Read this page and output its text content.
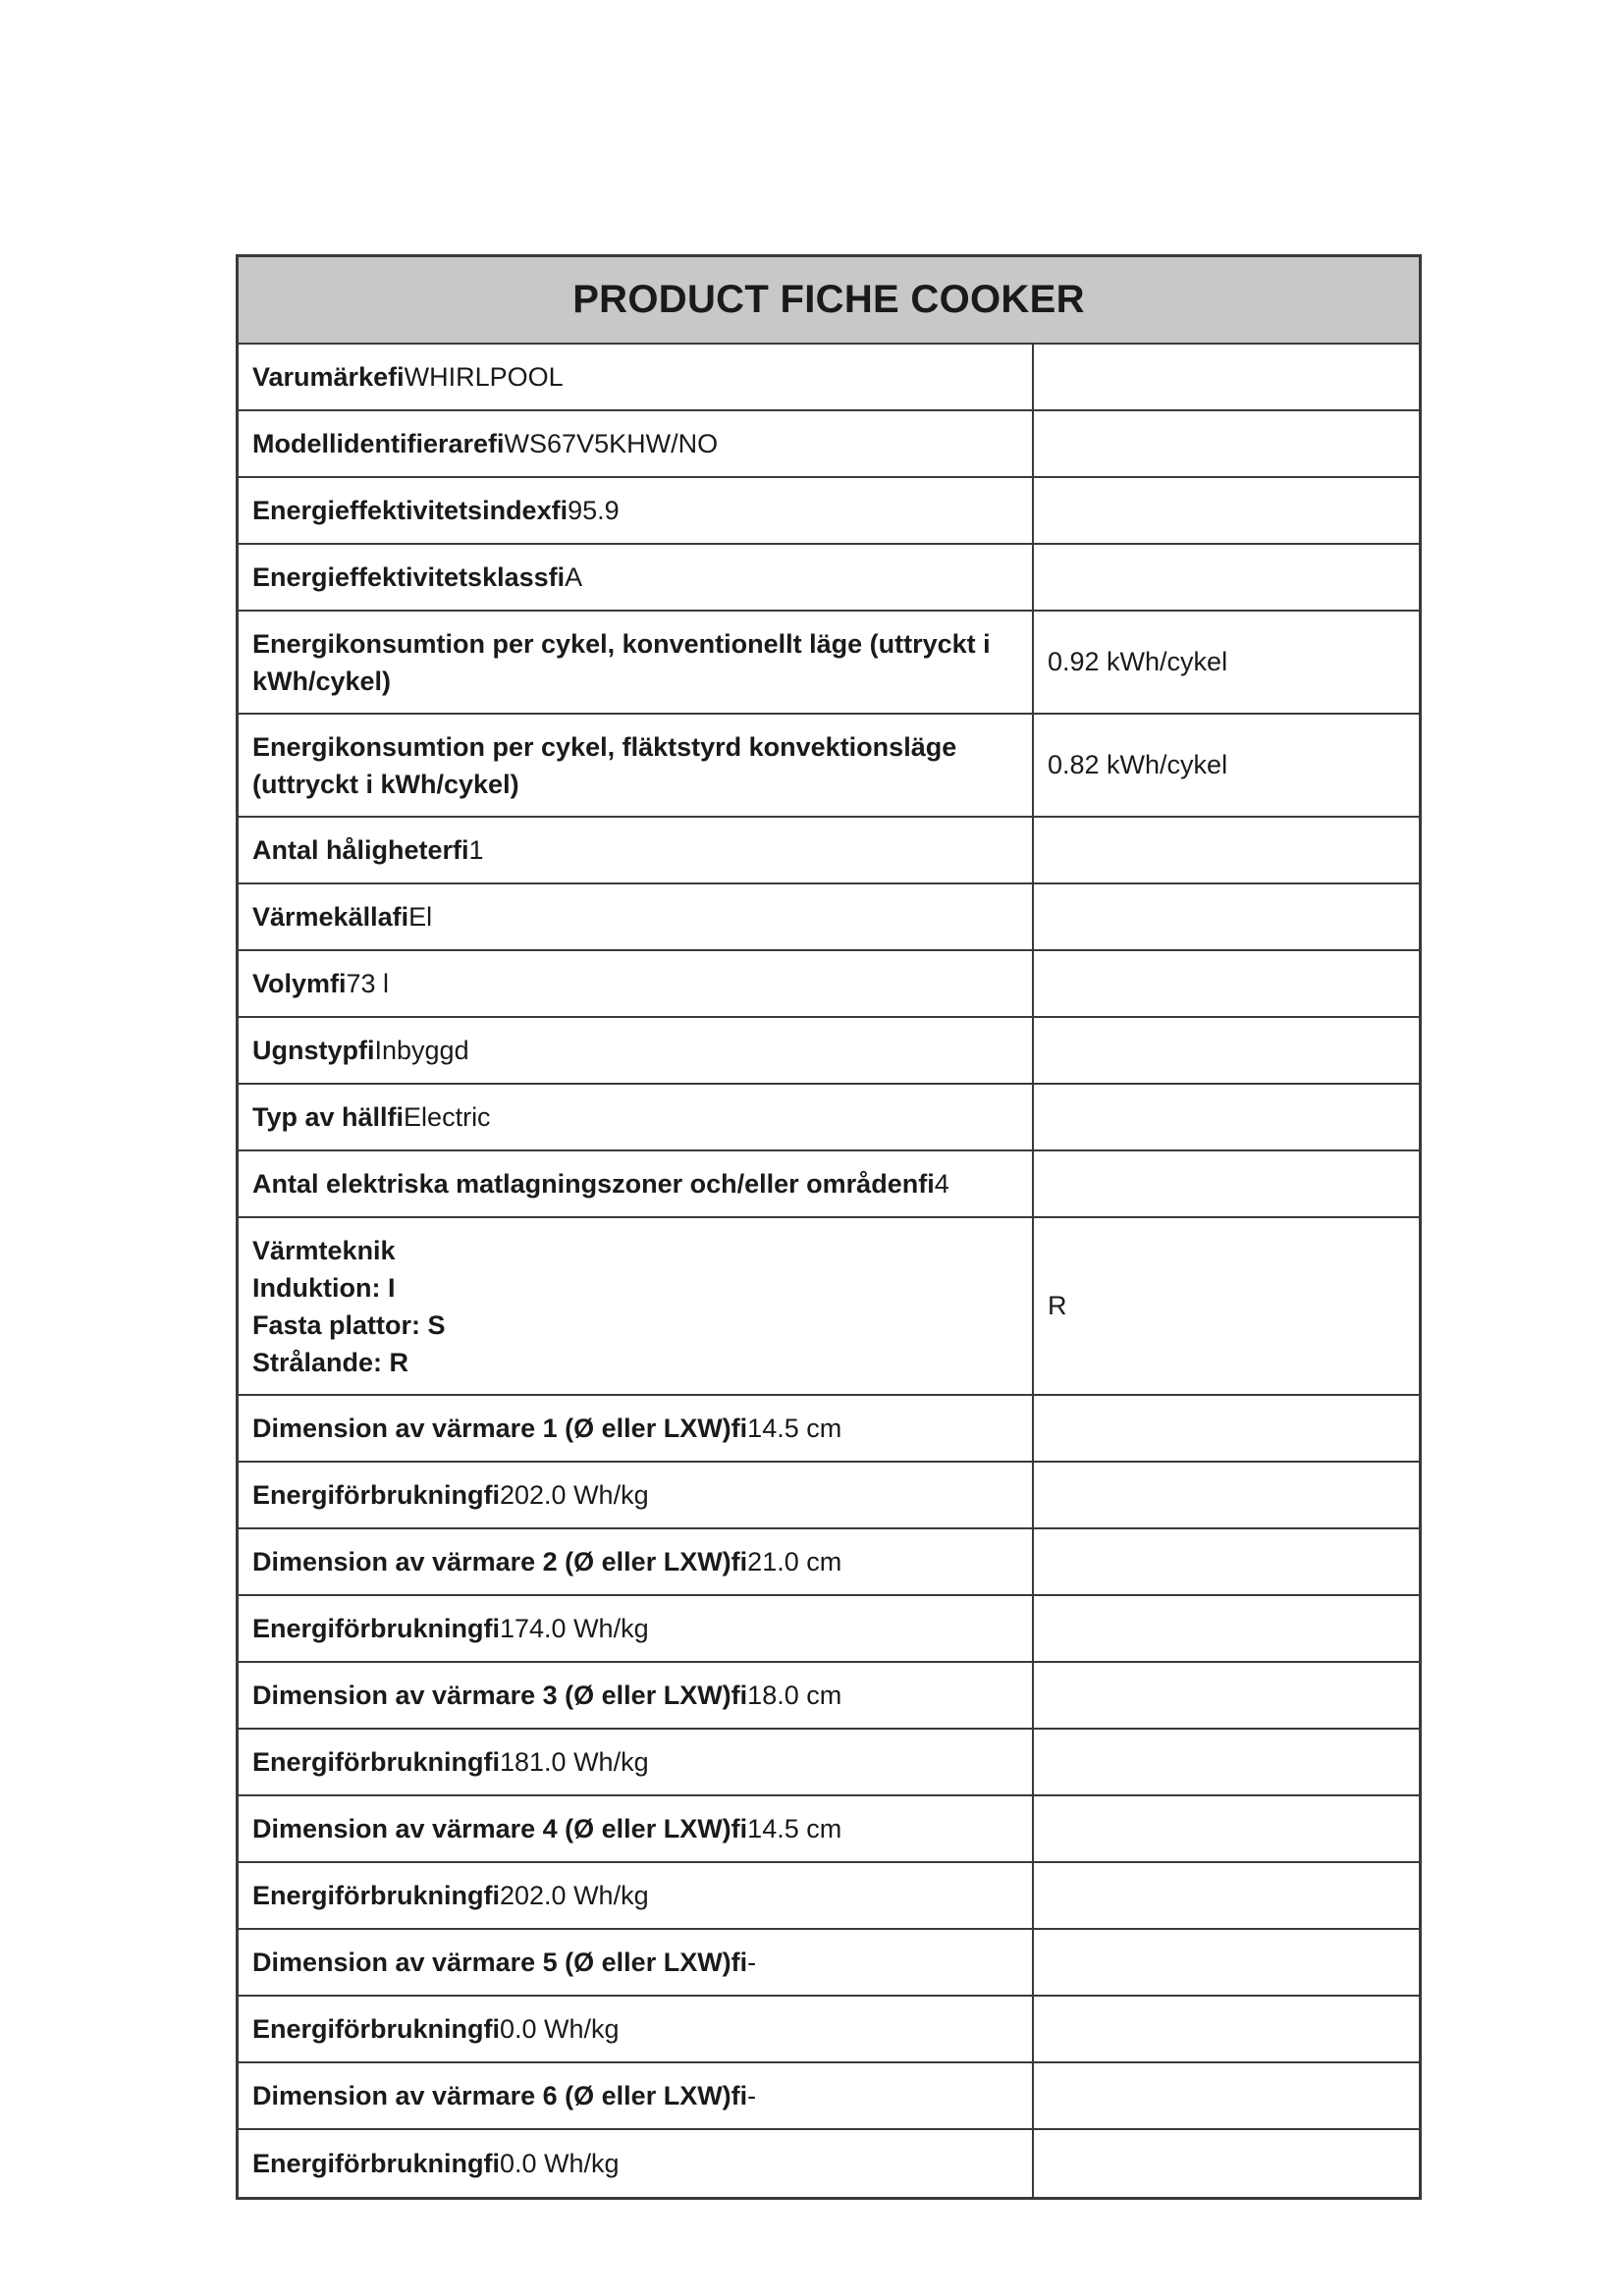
PRODUCT FICHE COOKER
VarumärkefiWHIRLPOOL
ModellidentifierarefiWS67V5KHW/NO
Energieffektivitetsindexfi95.9
EnergieffektivitetsklassfiA
Energikonsumtion per cykel, konventionellt läge (uttryckt i kWh/cykel)
0.92 kWh/cykel
Energikonsumtion per cykel, fläktstyrd konvektionsläge (uttryckt i kWh/cykel)
0.82 kWh/cykel
Antal håligheterfi1
VärmekällafiEl
Volymfi73 l
UgnstypfiInbyggd
Typ av hällfiElectric
Antal elektriska matlagningszoner och/eller områdenfi4
Värmteknik
Induktion: I
Fasta plattor: S
Strålande: R
R
Dimension av värmare 1 (Ø eller LXW)fi14.5 cm
Energiförbrukningfi202.0 Wh/kg
Dimension av värmare 2 (Ø eller LXW)fi21.0 cm
Energiförbrukningfi174.0 Wh/kg
Dimension av värmare 3 (Ø eller LXW)fi18.0 cm
Energiförbrukningfi181.0 Wh/kg
Dimension av värmare 4 (Ø eller LXW)fi14.5 cm
Energiförbrukningfi202.0 Wh/kg
Dimension av värmare 5 (Ø eller LXW)fi-
Energiförbrukningfi0.0 Wh/kg
Dimension av värmare 6 (Ø eller LXW)fi-
Energiförbrukningfi0.0 Wh/kg
